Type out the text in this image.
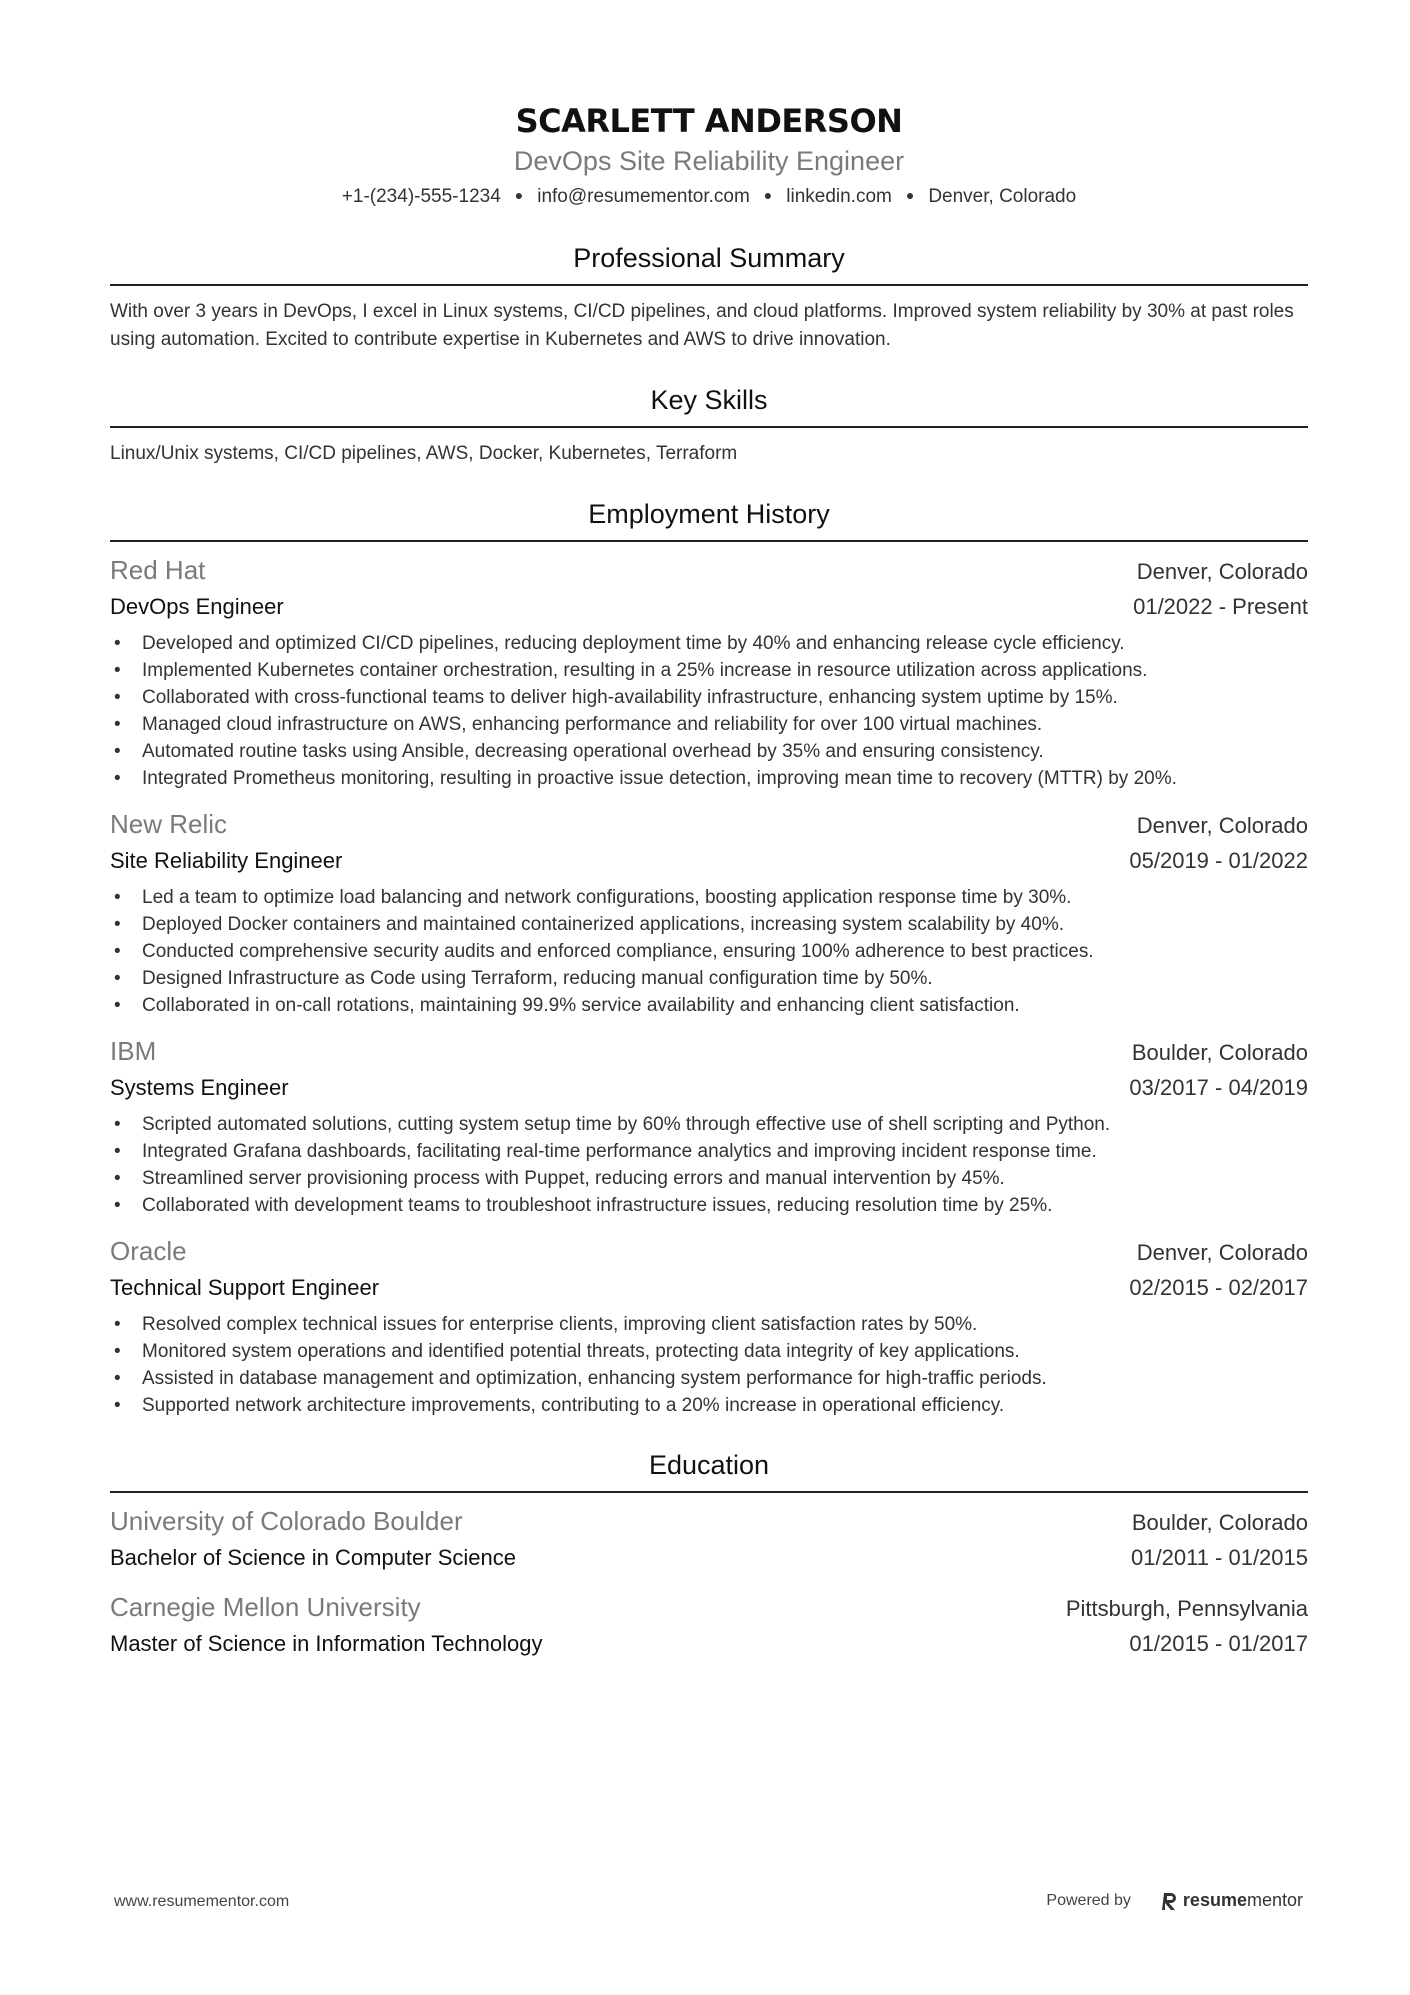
SCARLETT ANDERSON
DevOps Site Reliability Engineer
+1-(234)-555-1234 ● info@resumementor.com ● linkedin.com ● Denver, Colorado
Professional Summary
With over 3 years in DevOps, I excel in Linux systems, CI/CD pipelines, and cloud platforms. Improved system reliability by 30% at past roles using automation. Excited to contribute expertise in Kubernetes and AWS to drive innovation.
Key Skills
Linux/Unix systems, CI/CD pipelines, AWS, Docker, Kubernetes, Terraform
Employment History
Red Hat	Denver, Colorado
DevOps Engineer	01/2022 - Present
• Developed and optimized CI/CD pipelines, reducing deployment time by 40% and enhancing release cycle efficiency.
• Implemented Kubernetes container orchestration, resulting in a 25% increase in resource utilization across applications.
• Collaborated with cross-functional teams to deliver high-availability infrastructure, enhancing system uptime by 15%.
• Managed cloud infrastructure on AWS, enhancing performance and reliability for over 100 virtual machines.
• Automated routine tasks using Ansible, decreasing operational overhead by 35% and ensuring consistency.
• Integrated Prometheus monitoring, resulting in proactive issue detection, improving mean time to recovery (MTTR) by 20%.
New Relic	Denver, Colorado
Site Reliability Engineer	05/2019 - 01/2022
• Led a team to optimize load balancing and network configurations, boosting application response time by 30%.
• Deployed Docker containers and maintained containerized applications, increasing system scalability by 40%.
• Conducted comprehensive security audits and enforced compliance, ensuring 100% adherence to best practices.
• Designed Infrastructure as Code using Terraform, reducing manual configuration time by 50%.
• Collaborated in on-call rotations, maintaining 99.9% service availability and enhancing client satisfaction.
IBM	Boulder, Colorado
Systems Engineer	03/2017 - 04/2019
• Scripted automated solutions, cutting system setup time by 60% through effective use of shell scripting and Python.
• Integrated Grafana dashboards, facilitating real-time performance analytics and improving incident response time.
• Streamlined server provisioning process with Puppet, reducing errors and manual intervention by 45%.
• Collaborated with development teams to troubleshoot infrastructure issues, reducing resolution time by 25%.
Oracle	Denver, Colorado
Technical Support Engineer	02/2015 - 02/2017
• Resolved complex technical issues for enterprise clients, improving client satisfaction rates by 50%.
• Monitored system operations and identified potential threats, protecting data integrity of key applications.
• Assisted in database management and optimization, enhancing system performance for high-traffic periods.
• Supported network architecture improvements, contributing to a 20% increase in operational efficiency.
Education
University of Colorado Boulder	Boulder, Colorado
Bachelor of Science in Computer Science	01/2011 - 01/2015
Carnegie Mellon University	Pittsburgh, Pennsylvania
Master of Science in Information Technology	01/2015 - 01/2017
www.resumementor.com	Powered by	resume mentor
